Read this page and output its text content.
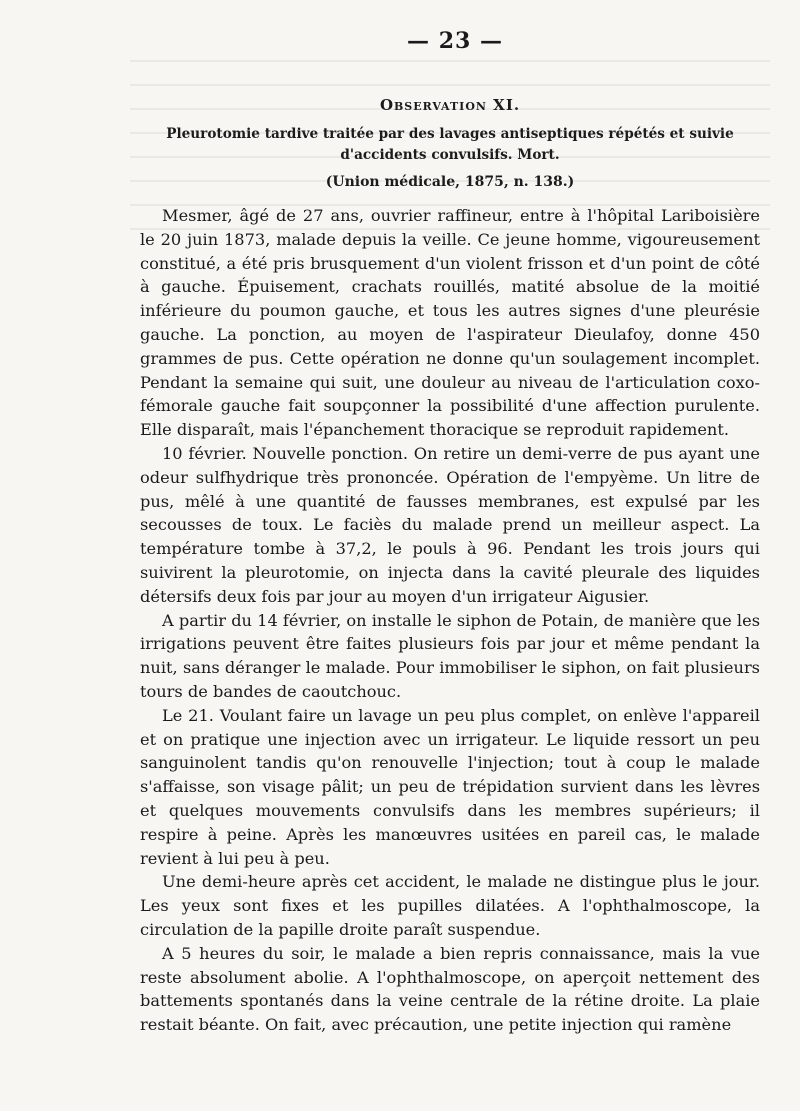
— 23 —
Observation XI.
Pleurotomie tardive traitée par des lavages antiseptiques répétés et suivie
d'accidents convulsifs. Mort.
(Union médicale, 1875, n. 138.)

Mesmer, âgé de 27 ans, ouvrier raffineur, entre à l'hôpital Lariboisière le 20 juin 1873, malade depuis la veille. Ce jeune homme, vigoureusement constitué, a été pris brusquement d'un violent frisson et d'un point de côté à gauche. Épuisement, crachats rouillés, matité absolue de la moitié inférieure du poumon gauche, et tous les autres signes d'une pleurésie gauche. La ponction, au moyen de l'aspirateur Dieulafoy, donne 450 grammes de pus. Cette opération ne donne qu'un soulagement incomplet. Pendant la semaine qui suit, une douleur au niveau de l'articulation coxo-fémorale gauche fait soupçonner la possibilité d'une affection purulente. Elle disparaît, mais l'épanchement thoracique se reproduit rapidement.

10 février. Nouvelle ponction. On retire un demi-verre de pus ayant une odeur sulfhydrique très prononcée. Opération de l'empyème. Un litre de pus, mêlé à une quantité de fausses membranes, est expulsé par les secousses de toux. Le faciès du malade prend un meilleur aspect. La température tombe à 37,2, le pouls à 96. Pendant les trois jours qui suivirent la pleurotomie, on injecta dans la cavité pleurale des liquides détersifs deux fois par jour au moyen d'un irrigateur Aigusier.

A partir du 14 février, on installe le siphon de Potain, de manière que les irrigations peuvent être faites plusieurs fois par jour et même pendant la nuit, sans déranger le malade. Pour immobiliser le siphon, on fait plusieurs tours de bandes de caoutchouc.

Le 21. Voulant faire un lavage un peu plus complet, on enlève l'appareil et on pratique une injection avec un irrigateur. Le liquide ressort un peu sanguinolent tandis qu'on renouvelle l'injection; tout à coup le malade s'affaisse, son visage pâlit; un peu de trépidation survient dans les lèvres et quelques mouvements convulsifs dans les membres supérieurs; il respire à peine. Après les manœuvres usitées en pareil cas, le malade revient à lui peu à peu.

Une demi-heure après cet accident, le malade ne distingue plus le jour. Les yeux sont fixes et les pupilles dilatées. A l'ophthalmoscope, la circulation de la papille droite paraît suspendue.

A 5 heures du soir, le malade a bien repris connaissance, mais la vue reste absolument abolie. A l'ophthalmoscope, on aperçoit nettement des battements spontanés dans la veine centrale de la rétine droite. La plaie restait béante. On fait, avec précaution, une petite injection qui ramène
